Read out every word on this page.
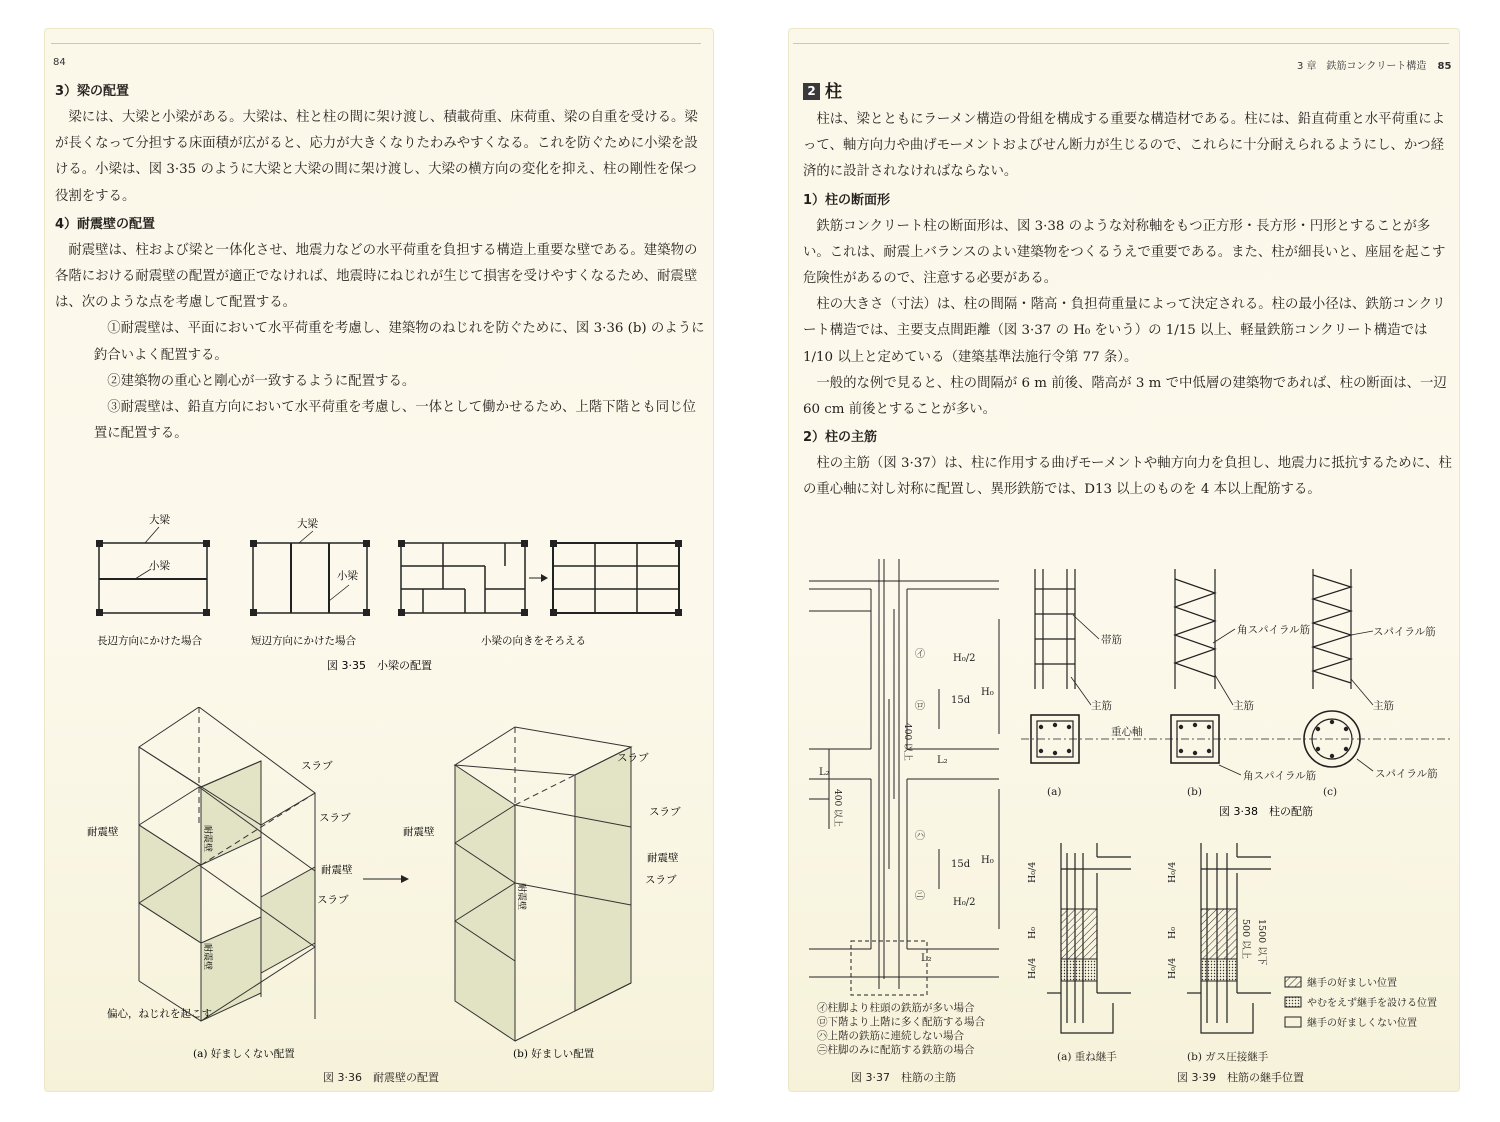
84
3）梁の配置

梁には、大梁と小梁がある。大梁は、柱と柱の間に架け渡し、積載荷重、床荷重、梁の自重を受ける。梁が長くなって分担する床面積が広がると、応力が大きくなりたわみやすくなる。これを防ぐために小梁を設ける。小梁は、図 3·35 のように大梁と大梁の間に架け渡し、大梁の横方向の変化を抑え、柱の剛性を保つ役割をする。

4）耐震壁の配置

耐震壁は、柱および梁と一体化させ、地震力などの水平荷重を負担する構造上重要な壁である。建築物の各階における耐震壁の配置が適正でなければ、地震時にねじれが生じて損害を受けやすくなるため、耐震壁は、次のような点を考慮して配置する。

①耐震壁は、平面において水平荷重を考慮し、建築物のねじれを防ぐために、図 3·36 (b) のように釣合いよく配置する。

②建築物の重心と剛心が一致するように配置する。

③耐震壁は、鉛直方向において水平荷重を考慮し、一体として働かせるため、上階下階とも同じ位置に配置する。

大梁
小梁
大梁
小梁
長辺方向にかけた場合	短辺方向にかけた場合	小梁の向きをそろえる
図 3·35　小梁の配置
スラブ
スラブ
耐震壁
スラブ
耐震壁
スラブ
スラブ
耐震壁
スラブ
耐震壁
耐震壁
耐震壁
耐震壁
偏心，ねじれを起こす
(a) 好ましくない配置	(b) 好ましい配置
図 3·36　耐震壁の配置
3 章　鉄筋コンクリート構造 85
2 柱

柱は、梁とともにラーメン構造の骨組を構成する重要な構造材である。柱には、鉛直荷重と水平荷重によって、軸方向力や曲げモーメントおよびせん断力が生じるので、これらに十分耐えられるようにし、かつ経済的に設計されなければならない。

1）柱の断面形

鉄筋コンクリート柱の断面形は、図 3·38 のような対称軸をもつ正方形・長方形・円形とすることが多い。これは、耐震上バランスのよい建築物をつくるうえで重要である。また、柱が細長いと、座屈を起こす危険性があるので、注意する必要がある。

柱の大きさ（寸法）は、柱の間隔・階高・負担荷重量によって決定される。柱の最小径は、鉄筋コンクリート構造では、主要支点間距離（図 3·37 の H₀ をいう）の 1/15 以上、軽量鉄筋コンクリート構造では 1/10 以上と定めている（建築基準法施行令第 77 条）。

一般的な例で見ると、柱の間隔が 6 m 前後、階高が 3 m で中低層の建築物であれば、柱の断面は、一辺 60 cm 前後とすることが多い。

2）柱の主筋

柱の主筋（図 3·37）は、柱に作用する曲げモーメントや軸方向力を負担し、地震力に抵抗するために、柱の重心軸に対し対称に配置し、異形鉄筋では、D13 以上のものを 4 本以上配筋する。

㋑
㋺
㋩
㋥
H₀/2
15d
H₀
15d H₀
H₀/2
L₂
L₂
L₂
400 以上
400 以上
㋑柱脚より柱頭の鉄筋が多い場合
㋺下階より上階に多く配筋する場合
㋩上階の鉄筋に連続しない場合
㋥柱脚のみに配筋する鉄筋の場合
図 3·37　柱筋の主筋
帯筋
主筋
角スパイラル筋
主筋
角スパイラル筋
スパイラル筋
主筋
スパイラル筋
重心軸
(a)	(b)	(c)
図 3·38　柱の配筋
H₀/4
H₀
H₀/4
H₀/4
H₀
H₀/4
500 以上 1500 以下
継手の好ましい位置
やむをえず継手を設ける位置
継手の好ましくない位置
(a) 重ね継手	(b) ガス圧接継手
図 3·39　柱筋の継手位置
